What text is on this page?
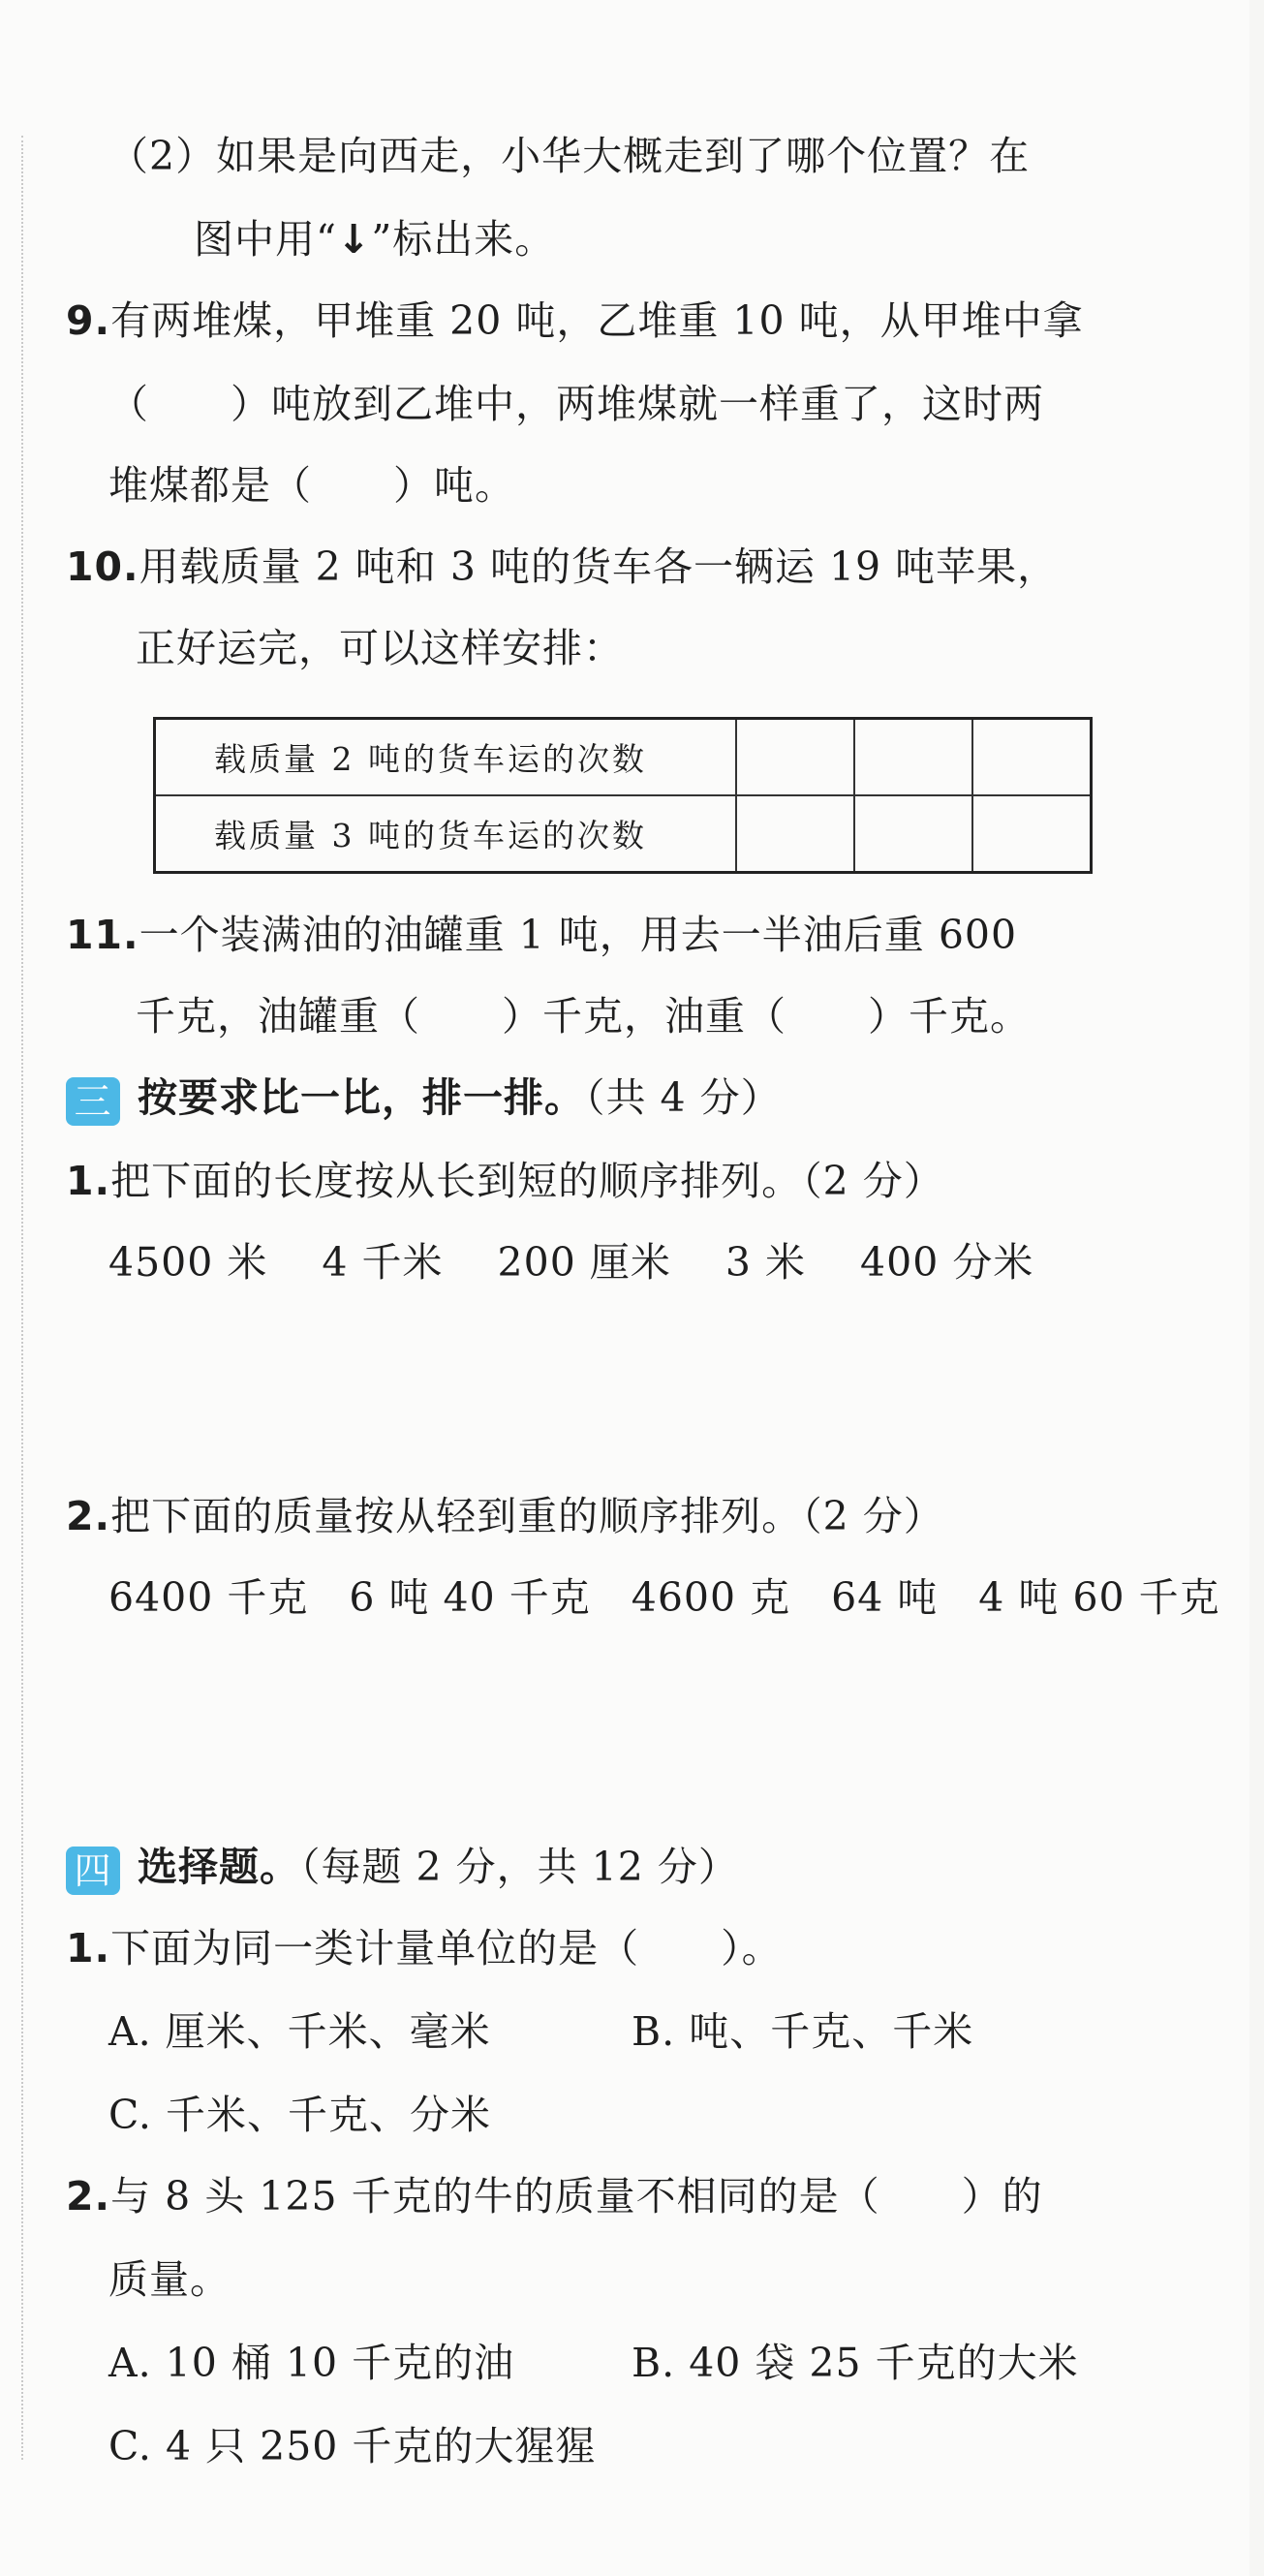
（2）如果是向西走，小华大概走到了哪个位置？在
图中用“↓”标出来。
9.有两堆煤，甲堆重 20 吨，乙堆重 10 吨，从甲堆中拿
（　　）吨放到乙堆中，两堆煤就一样重了，这时两
堆煤都是（　　）吨。
10.用载质量 2 吨和 3 吨的货车各一辆运 19 吨苹果，
正好运完，可以这样安排：
载质量 2 吨的货车运的次数			
载质量 3 吨的货车运的次数			
11.一个装满油的油罐重 1 吨，用去一半油后重 600
千克，油罐重（　　）千克，油重（　　）千克。
三 按要求比一比，排一排。（共 4 分）
1.把下面的长度按从长到短的顺序排列。（2 分）
4500 米　 4 千米　 200 厘米　 3 米　 400 分米
2.把下面的质量按从轻到重的顺序排列。（2 分）
6400 千克　6 吨 40 千克　4600 克　64 吨　4 吨 60 千克
四 选择题。（每题 2 分，共 12 分）
1.下面为同一类计量单位的是（　　）。
A. 厘米、千米、毫米	B. 吨、千克、千米
C. 千米、千克、分米
2.与 8 头 125 千克的牛的质量不相同的是（　　）的
质量。
A. 10 桶 10 千克的油	B. 40 袋 25 千克的大米
C. 4 只 250 千克的大猩猩
